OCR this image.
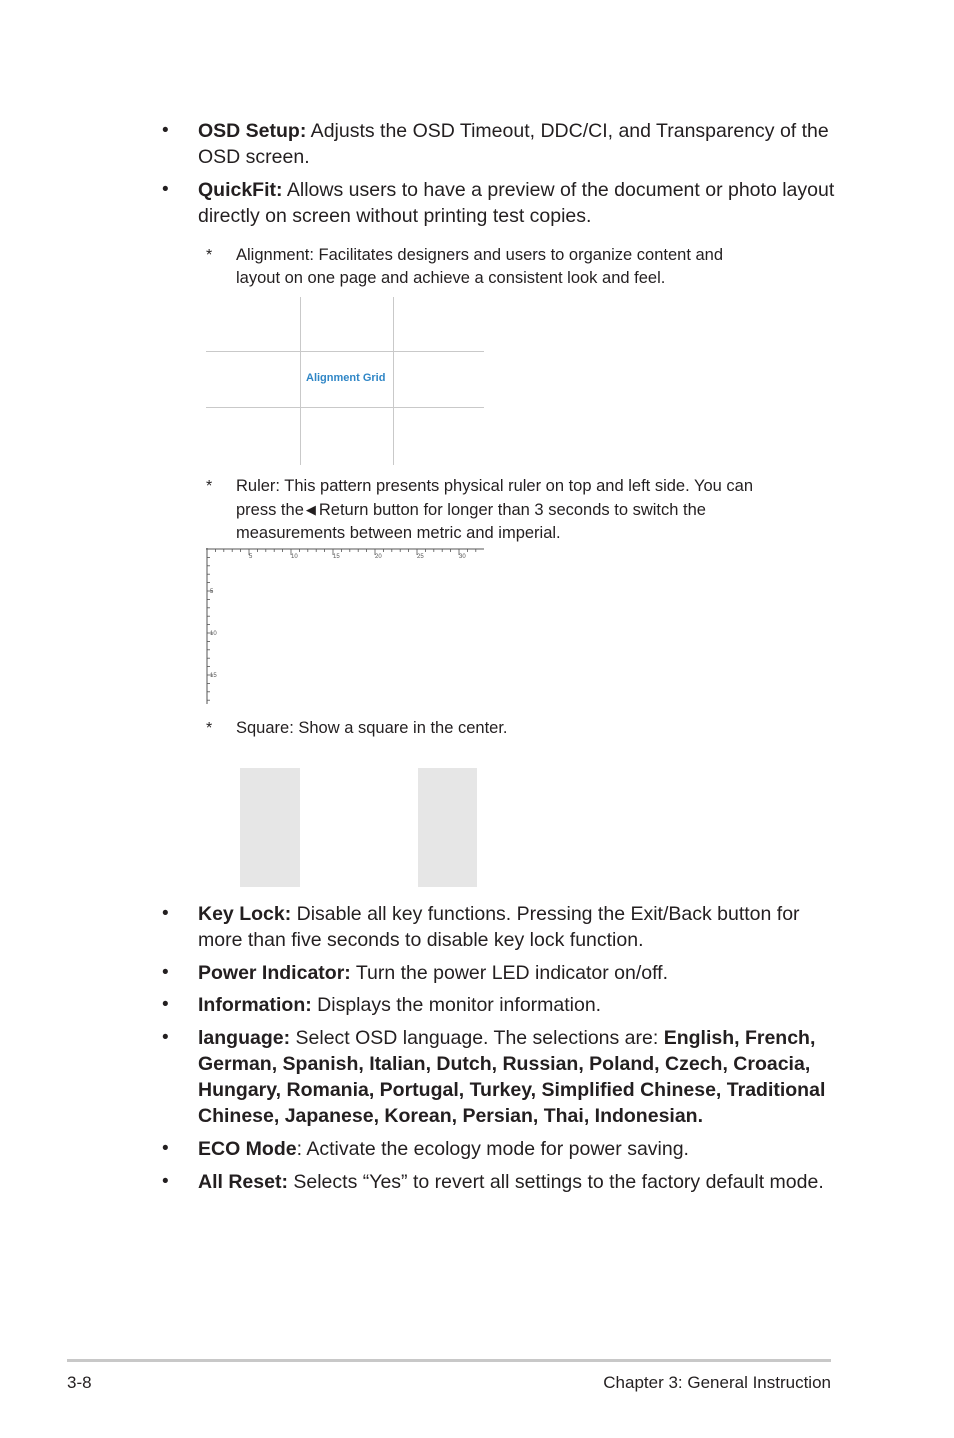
• OSD Setup: Adjusts the OSD Timeout, DDC/CI, and Transparency of the OSD screen.
• QuickFit: Allows users to have a preview of the document or photo layout directly on screen without printing test copies.
* Alignment: Facilitates designers and users to organize content and layout on one page and achieve a consistent look and feel.
Alignment Grid
* Ruler: This pattern presents physical ruler on top and left side. You can press the ◀ Return button for longer than 3 seconds to switch the measurements between metric and imperial.
5	10	15	20	25	30
5
10
15
* Square: Show a square in the center.
• Key Lock: Disable all key functions. Pressing the Exit/Back button for more than five seconds to disable key lock function.
• Power Indicator: Turn the power LED indicator on/off.
• Information: Displays the monitor information.
• language: Select OSD language. The selections are: English, French, German, Spanish, Italian, Dutch, Russian, Poland, Czech, Croacia, Hungary, Romania, Portugal, Turkey, Simplified Chinese, Traditional Chinese, Japanese, Korean, Persian, Thai, Indonesian.
• ECO Mode: Activate the ecology mode for power saving.
• All Reset: Selects “Yes” to revert all settings to the factory default mode.
3-8	Chapter 3: General Instruction
